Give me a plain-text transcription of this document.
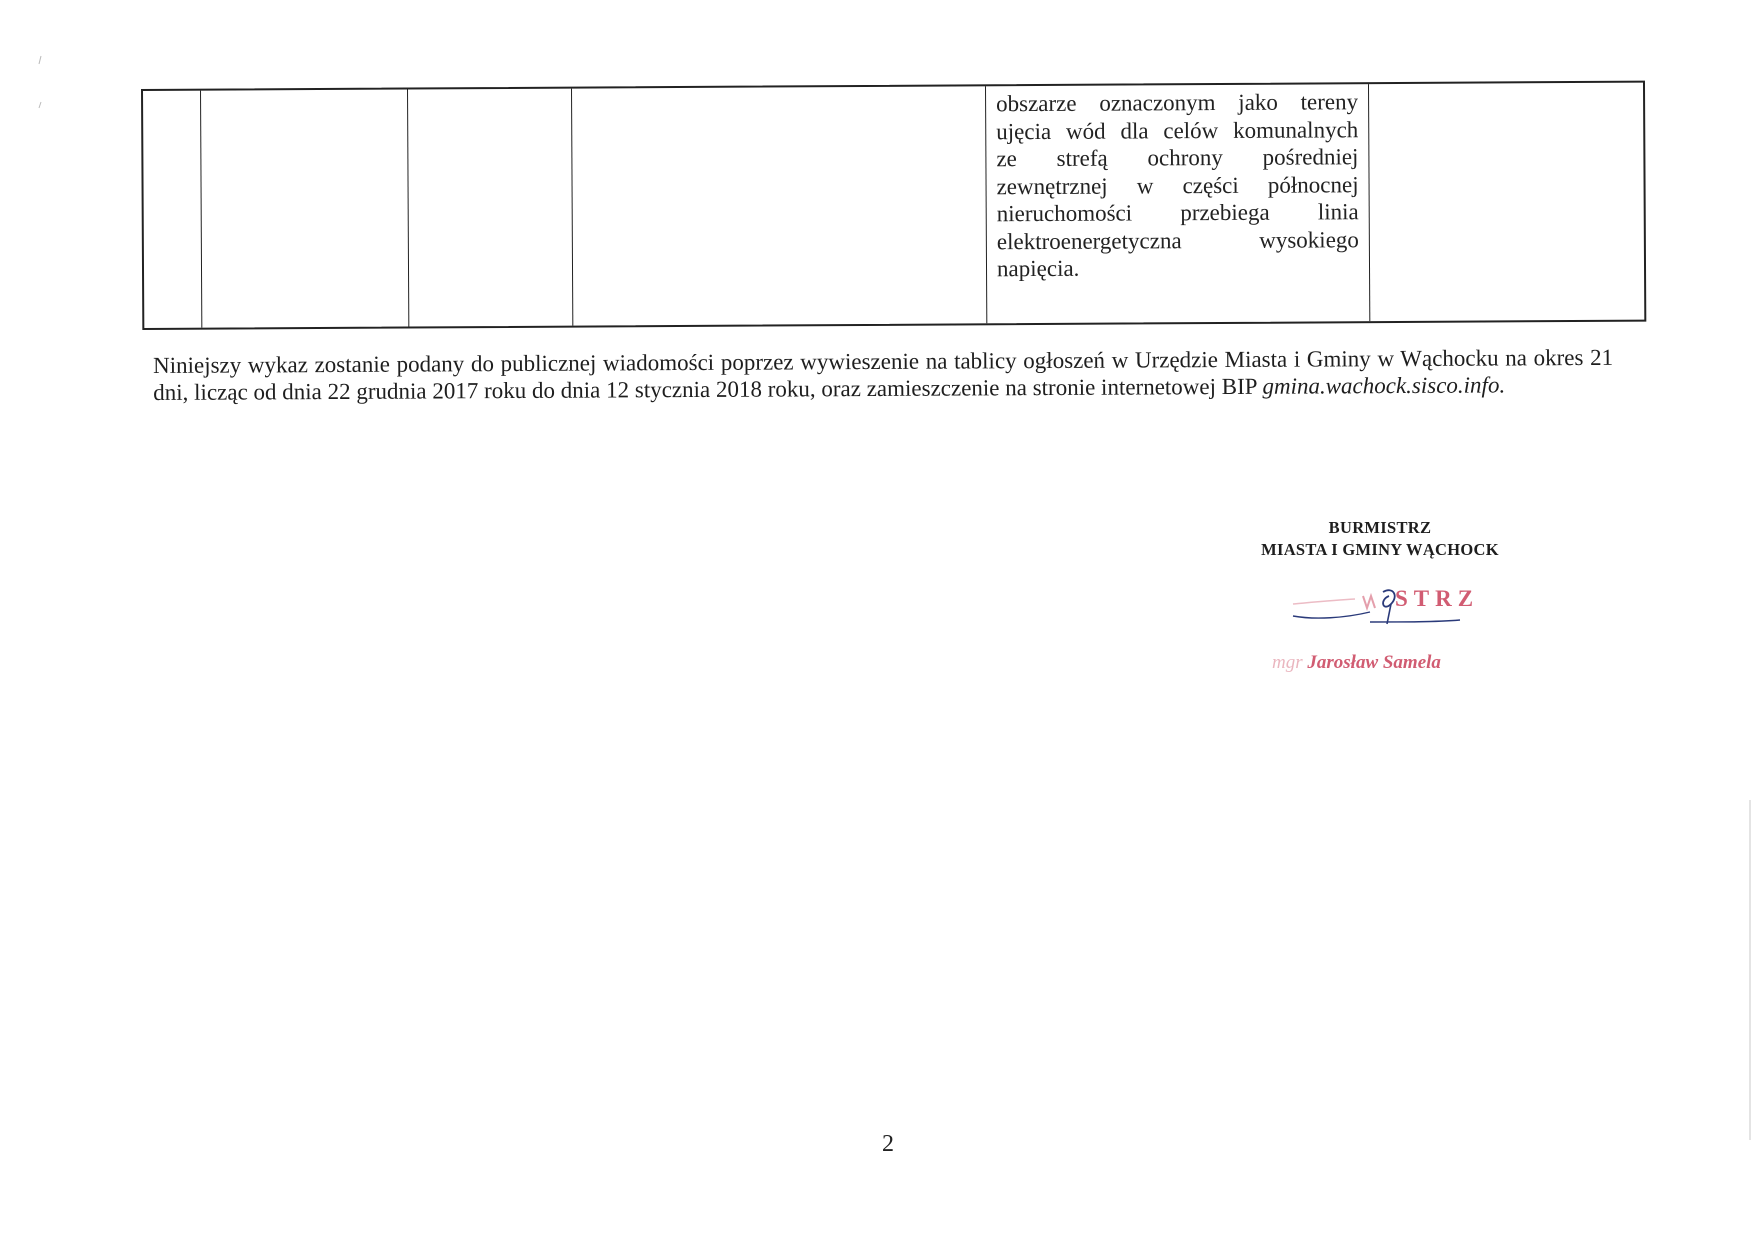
obszarze oznaczonym jako tereny
ujęcia wód dla celów komunalnych
ze strefą ochrony pośredniej
zewnętrznej w części północnej
nieruchomości przebiega linia
elektroenergetyczna wysokiego
napięcia.
Niniejszy wykaz zostanie podany do publicznej wiadomości poprzez wywieszenie na tablicy ogłoszeń w Urzędzie Miasta i Gminy w Wąchocku na okres 21 dni, licząc od dnia 22 grudnia 2017 roku do dnia 12 stycznia 2018 roku, oraz zamieszczenie na stronie internetowej BIP gmina.wachock.sisco.info.
BURMISTRZ
MIASTA I GMINY WĄCHOCK
STRZ
mgr Jarosław Samela
2
